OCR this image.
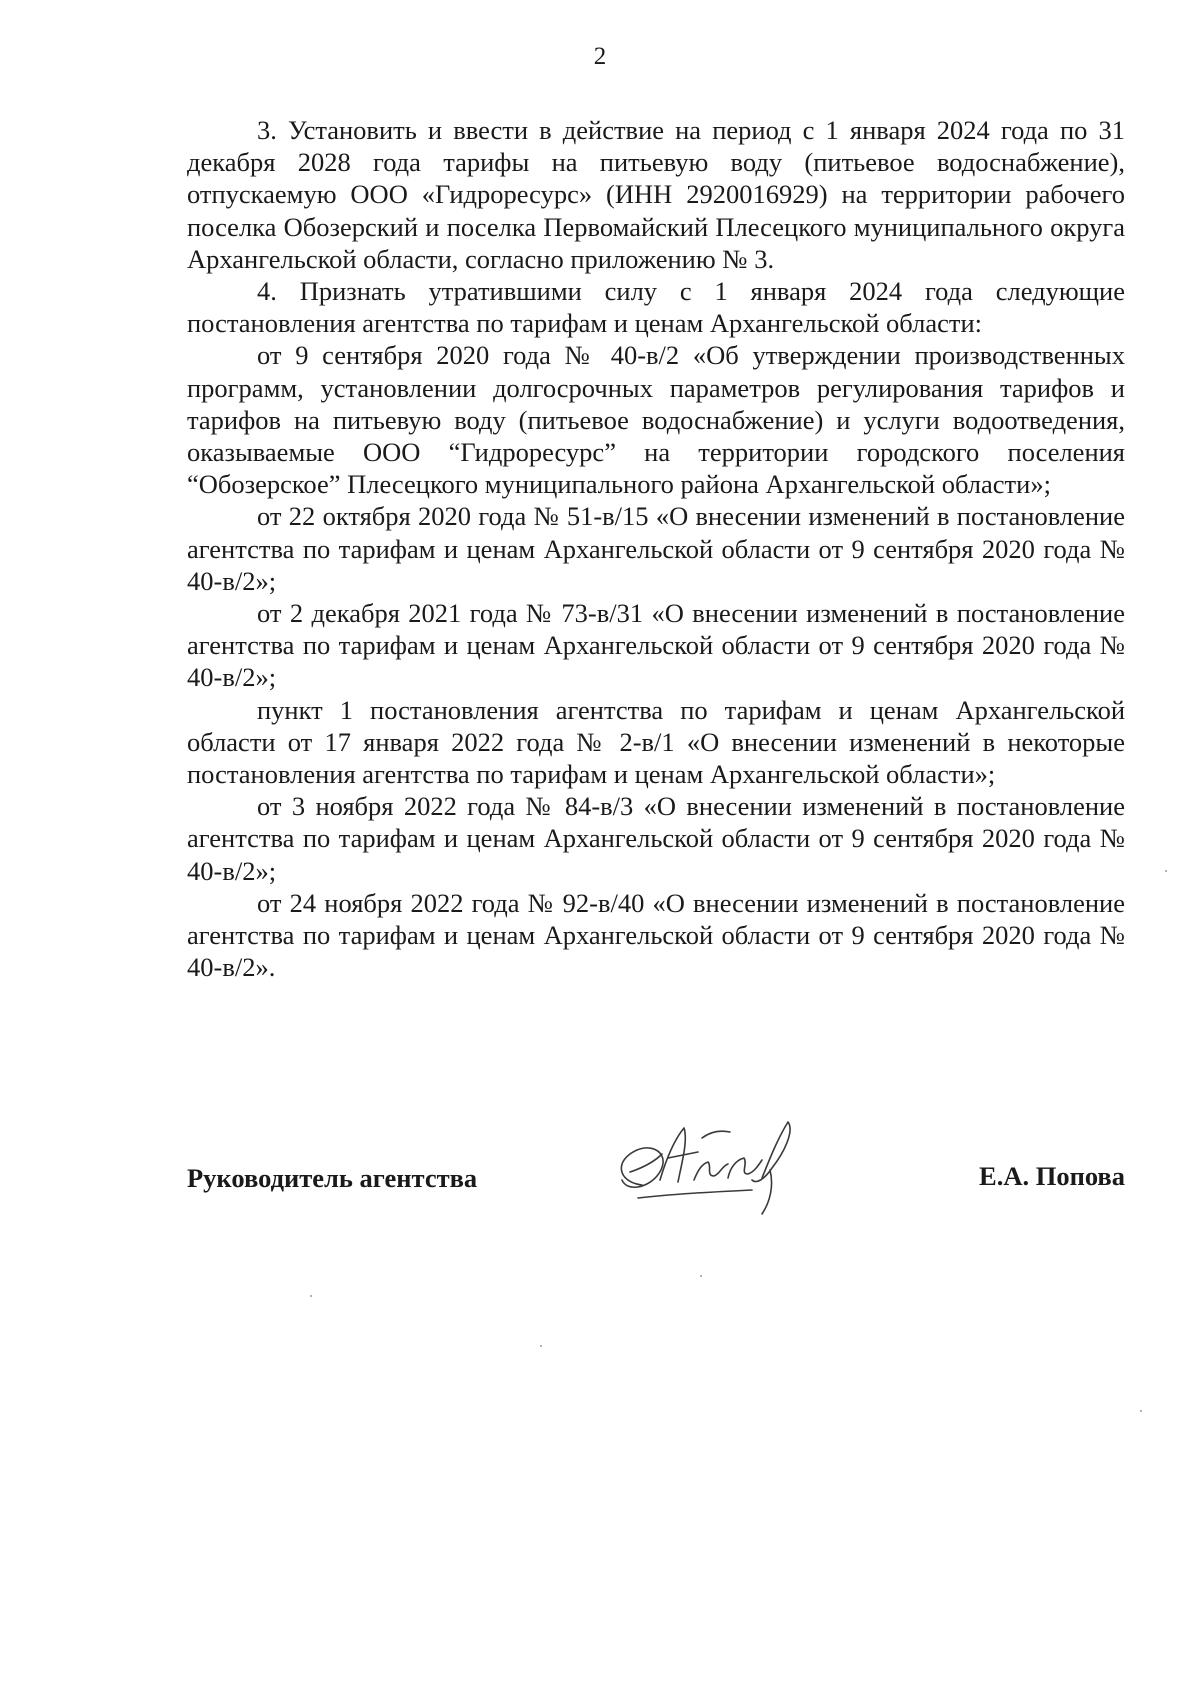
2

3. Установить и ввести в действие на период с 1 января 2024 года по 31 декабря 2028 года тарифы на питьевую воду (питьевое водоснабжение), отпускаемую ООО «Гидроресурс» (ИНН 2920016929) на территории рабочего поселка Обозерский и поселка Первомайский Плесецкого муниципального округа Архангельской области, согласно приложению № 3.

4. Признать утратившими силу с 1 января 2024 года следующие постановления агентства по тарифам и ценам Архангельской области:

от 9 сентября 2020 года № 40-в/2 «Об утверждении производственных программ, установлении долгосрочных параметров регулирования тарифов и тарифов на питьевую воду (питьевое водоснабжение) и услуги водоотведения, оказываемые ООО “Гидроресурс” на территории городского поселения “Обозерское” Плесецкого муниципального района Архангельской области»;

от 22 октября 2020 года № 51-в/15 «О внесении изменений в постановление агентства по тарифам и ценам Архангельской области от 9 сентября 2020 года № 40-в/2»;

от 2 декабря 2021 года № 73-в/31 «О внесении изменений в постановление агентства по тарифам и ценам Архангельской области от 9 сентября 2020 года № 40-в/2»;

пункт 1 постановления агентства по тарифам и ценам Архангельской области от 17 января 2022 года № 2-в/1 «О внесении изменений в некоторые постановления агентства по тарифам и ценам Архангельской области»;

от 3 ноября 2022 года № 84-в/3 «О внесении изменений в постановление агентства по тарифам и ценам Архангельской области от 9 сентября 2020 года № 40-в/2»;

от 24 ноября 2022 года № 92-в/40 «О внесении изменений в постановление агентства по тарифам и ценам Архангельской области от 9 сентября 2020 года № 40-в/2».

Руководитель агентства	Е.А. Попова
